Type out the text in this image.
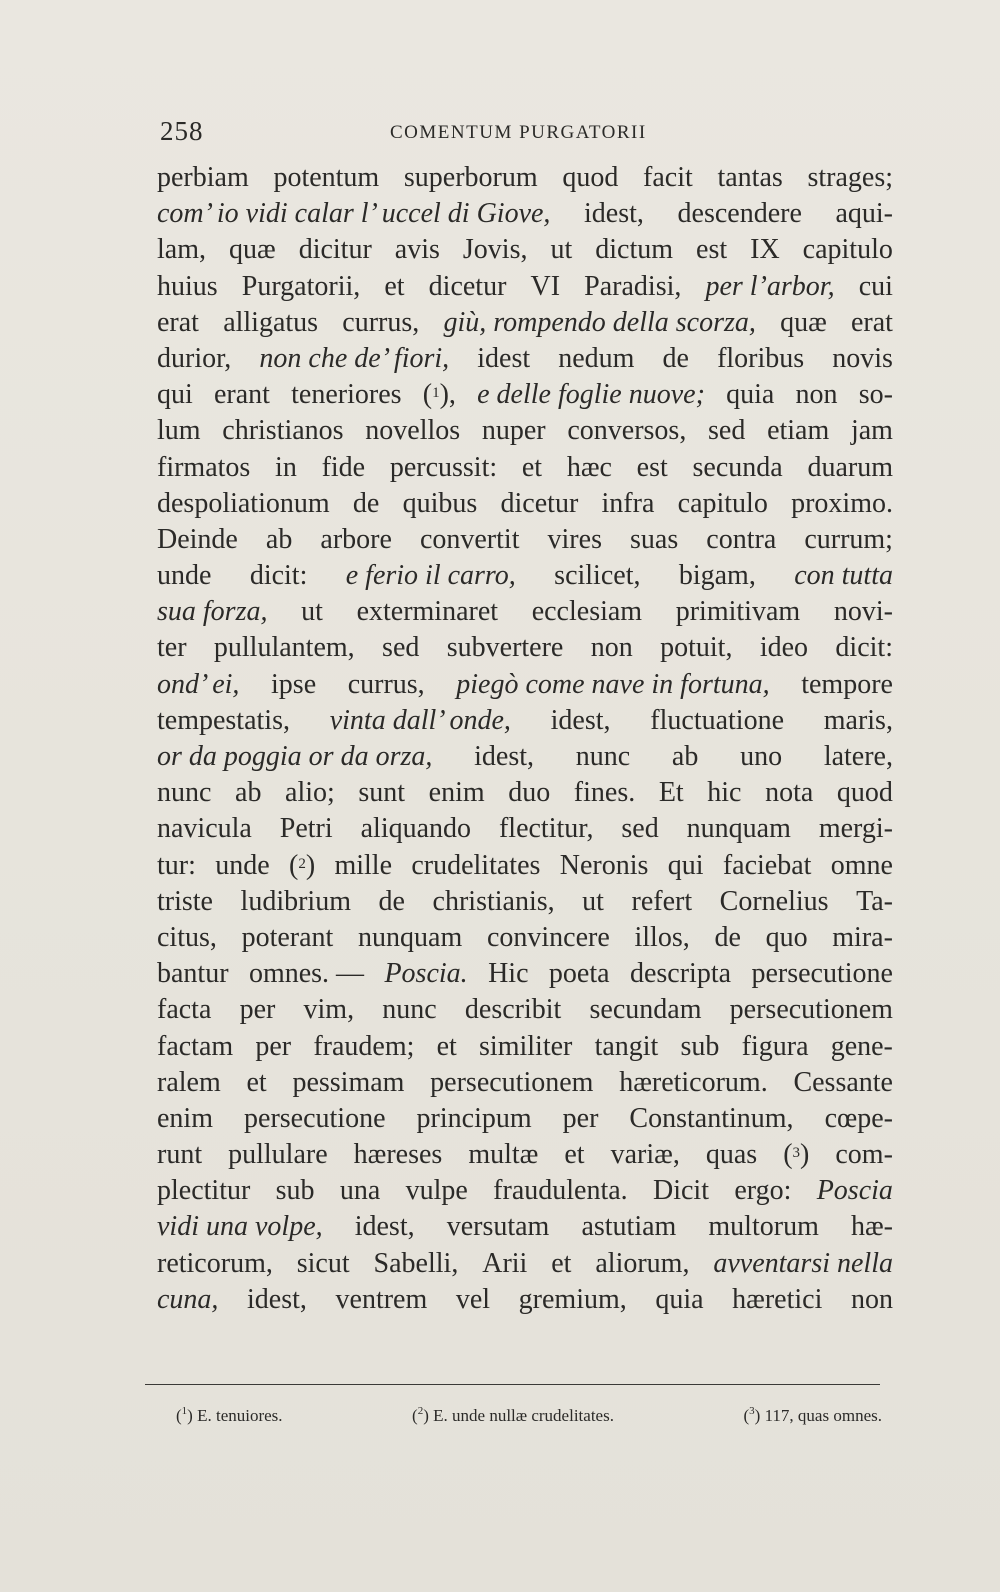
258	COMENTUM PURGATORII
perbiam potentum superborum quod facit tantas strages;
com’ io vidi calar l’ uccel di Giove, idest, descendere aqui-
lam, quæ dicitur avis Jovis, ut dictum est IX capitulo
huius Purgatorii, et dicetur VI Paradisi, per l’arbor, cui
erat alligatus currus, giù, rompendo della scorza, quæ erat
durior, non che de’ fiori, idest nedum de floribus novis
qui erant teneriores ($^1$), e delle foglie nuove; quia non so-
lum christianos novellos nuper conversos, sed etiam jam
firmatos in fide percussit: et hæc est secunda duarum
despoliationum de quibus dicetur infra capitulo proximo.
Deinde ab arbore convertit vires suas contra currum;
unde dicit: e ferio il carro, scilicet, bigam, con tutta
sua forza, ut exterminaret ecclesiam primitivam novi-
ter pullulantem, sed subvertere non potuit, ideo dicit:
ond’ ei, ipse currus, piegò come nave in fortuna, tempore
tempestatis, vinta dall’ onde, idest, fluctuatione maris,
or da poggia or da orza, idest, nunc ab uno latere,
nunc ab alio; sunt enim duo fines. Et hic nota quod
navicula Petri aliquando flectitur, sed nunquam mergi-
tur: unde ($^2$) mille crudelitates Neronis qui faciebat omne
triste ludibrium de christianis, ut refert Cornelius Ta-
citus, poterant nunquam convincere illos, de quo mira-
bantur omnes. — Poscia. Hic poeta descripta persecutione
facta per vim, nunc describit secundam persecutionem
factam per fraudem; et similiter tangit sub figura gene-
ralem et pessimam persecutionem hæreticorum. Cessante
enim persecutione principum per Constantinum, cœpe-
runt pullulare hæreses multæ et variæ, quas ($^3$) com-
plectitur sub una vulpe fraudulenta. Dicit ergo: Poscia
vidi una volpe, idest, versutam astutiam multorum hæ-
reticorum, sicut Sabelli, Arii et aliorum, avventarsi nella
cuna, idest, ventrem vel gremium, quia hæretici non
($^1$) E. tenuiores.	($^2$) E. unde nullæ crudelitates.	($^3$) 117, quas omnes.
